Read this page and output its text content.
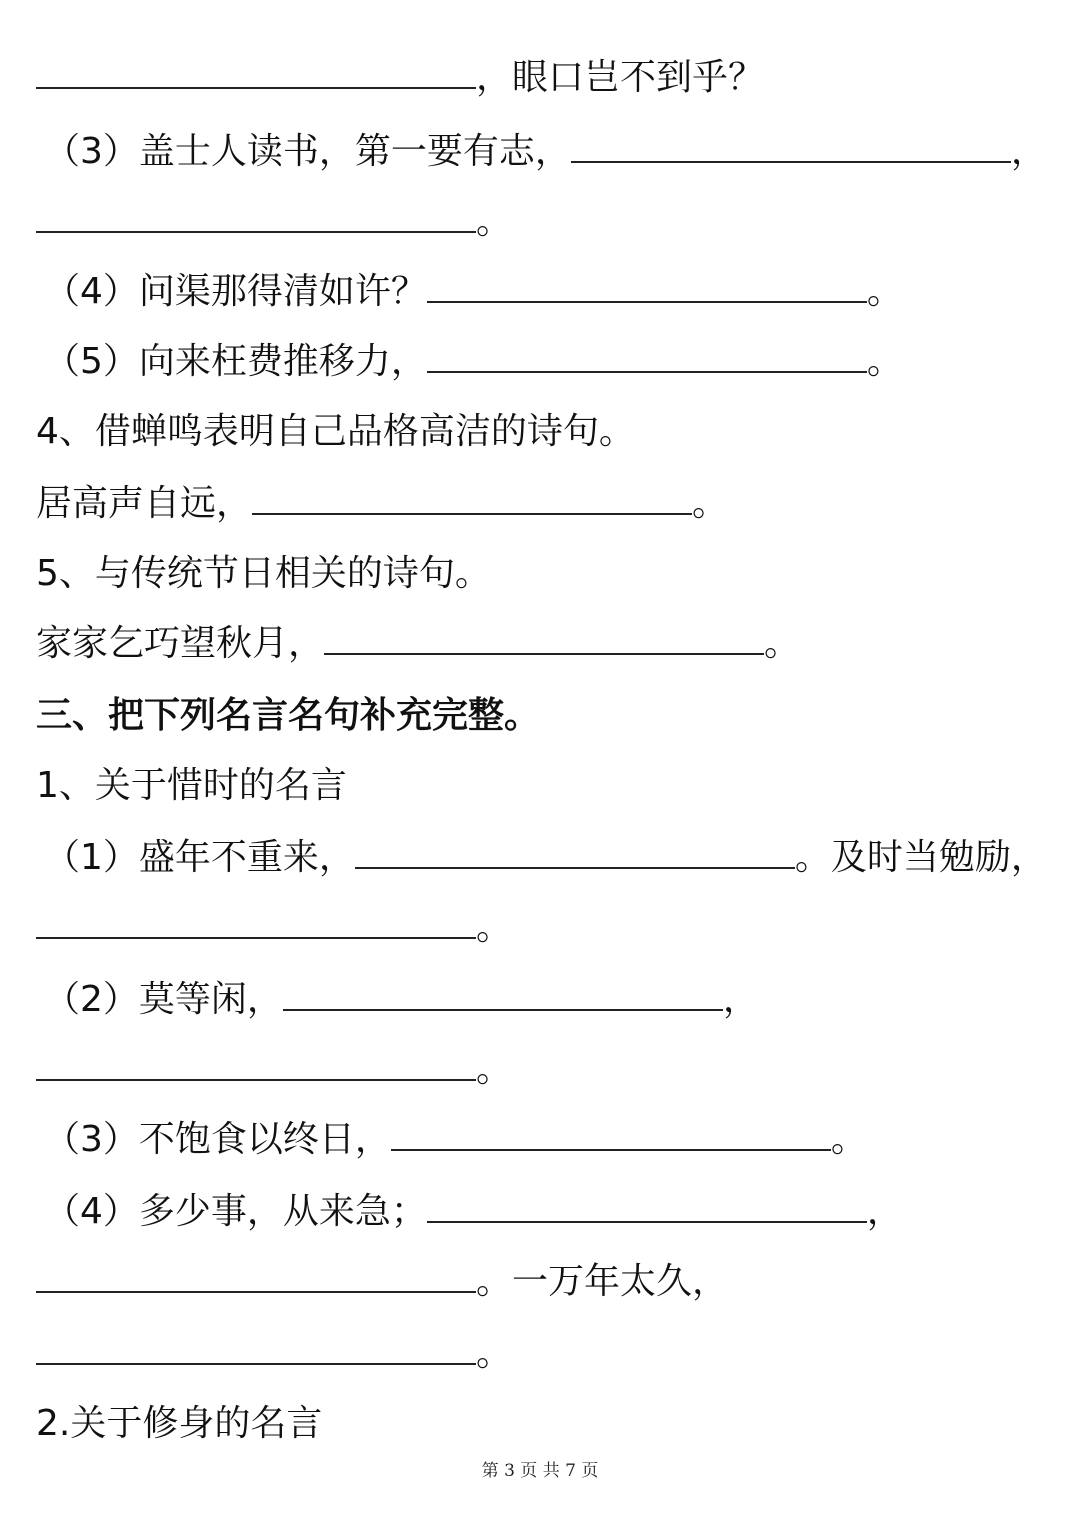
，眼口岂不到乎？
（3）盖士人读书，第一要有志，	，
。
（4）问渠那得清如许？	。
（5）向来枉费推移力，	。
4、借蝉鸣表明自己品格高洁的诗句。
居高声自远，	。
5、与传统节日相关的诗句。
家家乞巧望秋月，	。
三、把下列名言名句补充完整。
1、关于惜时的名言
（1）盛年不重来，	。及时当勉励，
。
（2）莫等闲，	，
。
（3）不饱食以终日，	。
（4）多少事，从来急；	，
。一万年太久，
。
2.关于修身的名言
第 3 页 共 7 页
